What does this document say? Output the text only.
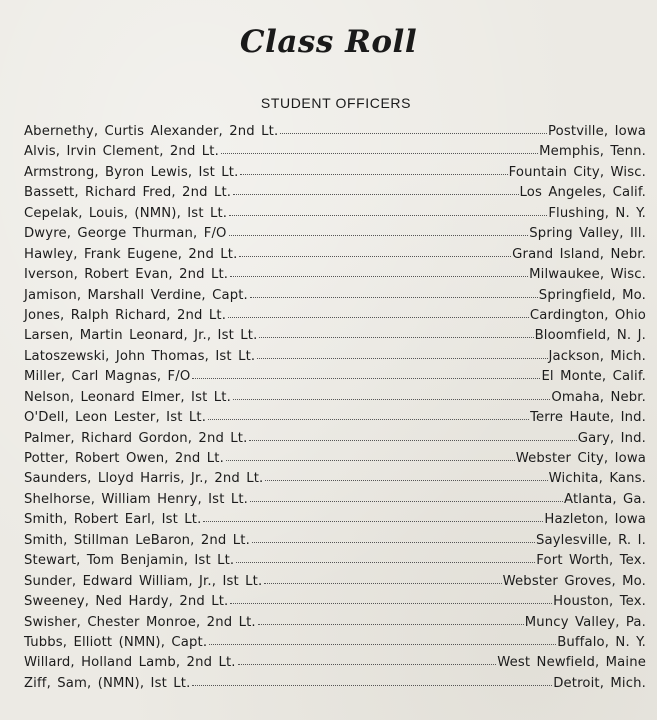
Class Roll
STUDENT OFFICERS
Abernethy, Curtis Alexander, 2nd Lt.	Postville, Iowa
Alvis, Irvin Clement, 2nd Lt.	Memphis, Tenn.
Armstrong, Byron Lewis, Ist Lt.	Fountain City, Wisc.
Bassett, Richard Fred, 2nd Lt.	Los Angeles, Calif.
Cepelak, Louis, (NMN), Ist Lt.	Flushing, N. Y.
Dwyre, George Thurman, F/O	Spring Valley, Ill.
Hawley, Frank Eugene, 2nd Lt.	Grand Island, Nebr.
Iverson, Robert Evan, 2nd Lt.	Milwaukee, Wisc.
Jamison, Marshall Verdine, Capt.	Springfield, Mo.
Jones, Ralph Richard, 2nd Lt.	Cardington, Ohio
Larsen, Martin Leonard, Jr., Ist Lt.	Bloomfield, N. J.
Latoszewski, John Thomas, Ist Lt.	Jackson, Mich.
Miller, Carl Magnas, F/O	El Monte, Calif.
Nelson, Leonard Elmer, Ist Lt.	Omaha, Nebr.
O'Dell, Leon Lester, Ist Lt.	Terre Haute, Ind.
Palmer, Richard Gordon, 2nd Lt.	Gary, Ind.
Potter, Robert Owen, 2nd Lt.	Webster City, Iowa
Saunders, Lloyd Harris, Jr., 2nd Lt.	Wichita, Kans.
Shelhorse, William Henry, Ist Lt.	Atlanta, Ga.
Smith, Robert Earl, Ist Lt.	Hazleton, Iowa
Smith, Stillman LeBaron, 2nd Lt.	Saylesville, R. I.
Stewart, Tom Benjamin, Ist Lt.	Fort Worth, Tex.
Sunder, Edward William, Jr., Ist Lt.	Webster Groves, Mo.
Sweeney, Ned Hardy, 2nd Lt.	Houston, Tex.
Swisher, Chester Monroe, 2nd Lt.	Muncy Valley, Pa.
Tubbs, Elliott (NMN), Capt.	Buffalo, N. Y.
Willard, Holland Lamb, 2nd Lt.	West Newfield, Maine
Ziff, Sam, (NMN), Ist Lt.	Detroit, Mich.
